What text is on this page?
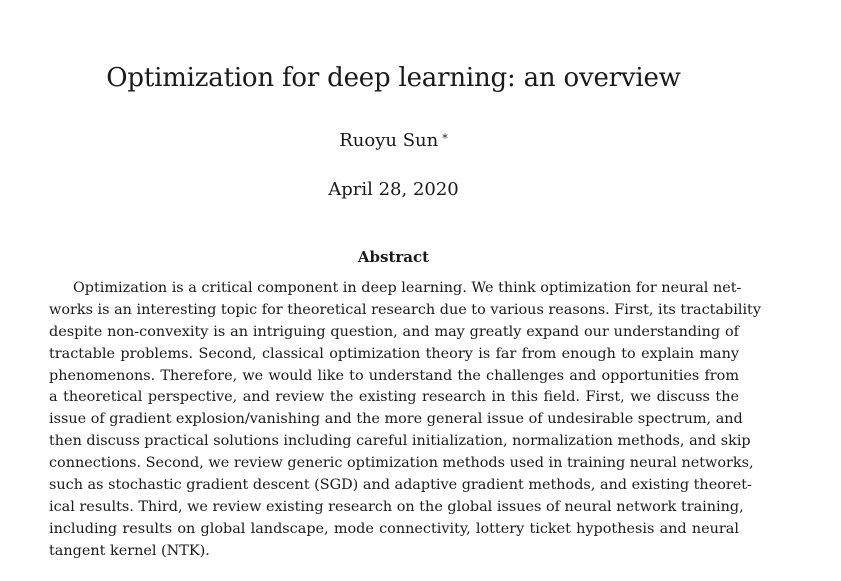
Optimization for deep learning: an overview
Ruoyu Sun *
April 28, 2020
Abstract
Optimization is a critical component in deep learning. We think optimization for neural net-
works is an interesting topic for theoretical research due to various reasons. First, its tractability
despite non-convexity is an intriguing question, and may greatly expand our understanding of
tractable problems. Second, classical optimization theory is far from enough to explain many
phenomenons. Therefore, we would like to understand the challenges and opportunities from
a theoretical perspective, and review the existing research in this field. First, we discuss the
issue of gradient explosion/vanishing and the more general issue of undesirable spectrum, and
then discuss practical solutions including careful initialization, normalization methods, and skip
connections. Second, we review generic optimization methods used in training neural networks,
such as stochastic gradient descent (SGD) and adaptive gradient methods, and existing theoret-
ical results. Third, we review existing research on the global issues of neural network training,
including results on global landscape, mode connectivity, lottery ticket hypothesis and neural
tangent kernel (NTK).
